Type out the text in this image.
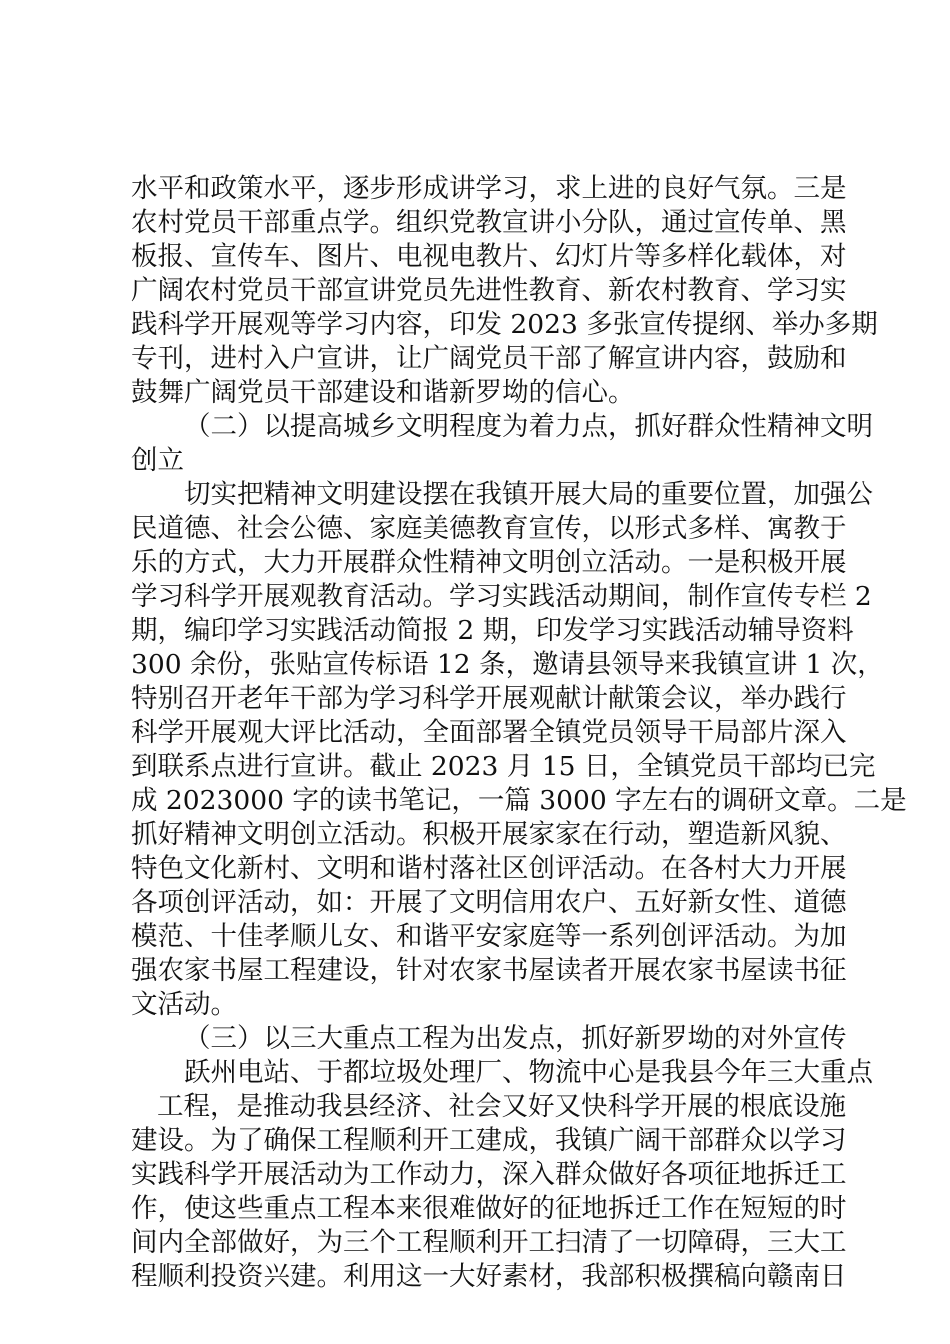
水平和政策水平，逐步形成讲学习，求上进的良好气氛。三是
农村党员干部重点学。组织党教宣讲小分队，通过宣传单、黑
板报、宣传车、图片、电视电教片、幻灯片等多样化载体，对
广阔农村党员干部宣讲党员先进性教育、新农村教育、学习实
践科学开展观等学习内容，印发 2023 多张宣传提纲、举办多期
专刊，进村入户宣讲，让广阔党员干部了解宣讲内容，鼓励和
鼓舞广阔党员干部建设和谐新罗坳的信心。
（二）以提高城乡文明程度为着力点，抓好群众性精神文明
创立
切实把精神文明建设摆在我镇开展大局的重要位置，加强公
民道德、社会公德、家庭美德教育宣传，以形式多样、寓教于
乐的方式，大力开展群众性精神文明创立活动。一是积极开展
学习科学开展观教育活动。学习实践活动期间，制作宣传专栏 2
期，编印学习实践活动简报 2 期，印发学习实践活动辅导资料
300 余份，张贴宣传标语 12 条，邀请县领导来我镇宣讲 1 次，
特别召开老年干部为学习科学开展观献计献策会议，举办践行
科学开展观大评比活动，全面部署全镇党员领导干局部片深入
到联系点进行宣讲。截止 2023 月 15 日，全镇党员干部均已完
成 2023000 字的读书笔记，一篇 3000 字左右的调研文章。二是
抓好精神文明创立活动。积极开展家家在行动，塑造新风貌、
特色文化新村、文明和谐村落社区创评活动。在各村大力开展
各项创评活动，如：开展了文明信用农户、五好新女性、道德
模范、十佳孝顺儿女、和谐平安家庭等一系列创评活动。为加
强农家书屋工程建设，针对农家书屋读者开展农家书屋读书征
文活动。
（三）以三大重点工程为出发点，抓好新罗坳的对外宣传
跃州电站、于都垃圾处理厂、物流中心是我县今年三大重点
工程，是推动我县经济、社会又好又快科学开展的根底设施
建设。为了确保工程顺利开工建成，我镇广阔干部群众以学习
实践科学开展活动为工作动力，深入群众做好各项征地拆迁工
作，使这些重点工程本来很难做好的征地拆迁工作在短短的时
间内全部做好，为三个工程顺利开工扫清了一切障碍，三大工
程顺利投资兴建。利用这一大好素材，我部积极撰稿向赣南日
